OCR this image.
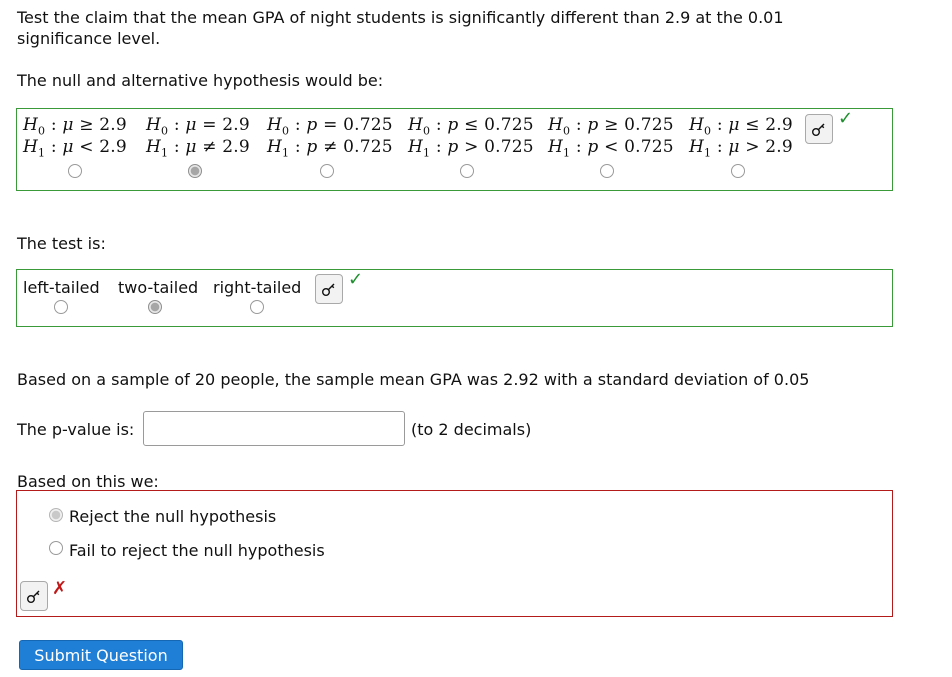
Test the claim that the mean GPA of night students is significantly different than 2.9 at the 0.01
significance level.
The null and alternative hypothesis would be:
$H_0$ : μ ≥ 2.9 $H_0$ : μ = 2.9 $H_0$ : p = 0.725 $H_0$ : p ≤ 0.725 $H_0$ : p ≥ 0.725 $H_0$ : μ ≤ 2.9
$H_1$ : μ < 2.9 $H_1$ : μ ≠ 2.9 $H_1$ : p ≠ 0.725 $H_1$ : p > 0.725 $H_1$ : p < 0.725 $H_1$ : μ > 2.9
✓
The test is:
left-tailed two-tailed right-tailed	✓
Based on a sample of 20 people, the sample mean GPA was 2.92 with a standard deviation of 0.05
The p-value is:	(to 2 decimals)
Based on this we:
Reject the null hypothesis
Fail to reject the null hypothesis
✗
Submit Question
